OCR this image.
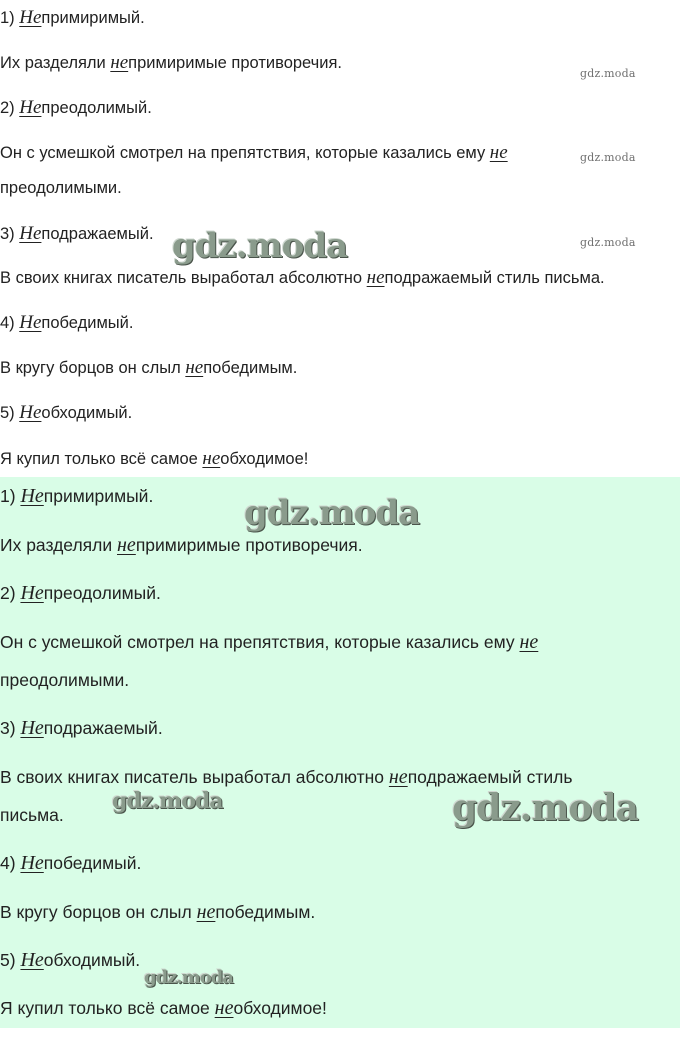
1) Непримиримый.
Их разделяли непримиримые противоречия.
2) Непреодолимый.
Он с усмешкой смотрел на препятствия, которые казались ему не
преодолимыми.
3) Неподражаемый.
В своих книгах писатель выработал абсолютно неподражаемый стиль письма.
4) Непобедимый.
В кругу борцов он слыл непобедимым.
5) Необходимый.
Я купил только всё самое необходимое!
gdz.moda
gdz.moda
gdz.moda
gdz.moda
1) Непримиримый.
Их разделяли непримиримые противоречия.
2) Непреодолимый.
Он с усмешкой смотрел на препятствия, которые казались ему не
преодолимыми.
3) Неподражаемый.
В своих книгах писатель выработал абсолютно неподражаемый стиль
письма.
4) Непобедимый.
В кругу борцов он слыл непобедимым.
5) Необходимый.
Я купил только всё самое необходимое!
gdz.moda
gdz.moda	gdz.moda
gdz.moda
